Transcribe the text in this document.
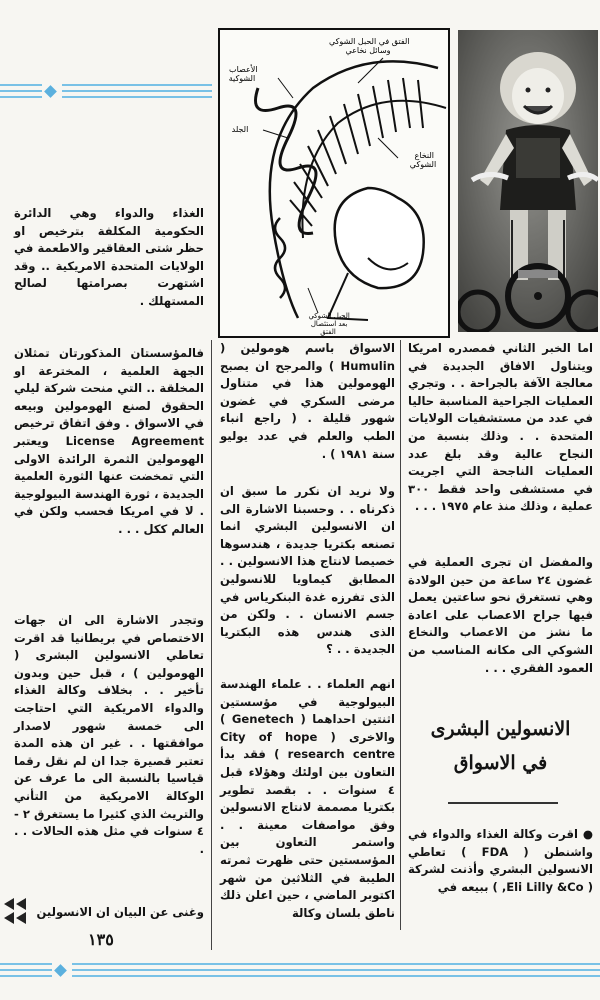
الفتق في الحبل الشوكي وسائل نخاعي
الأعصاب الشوكية
الجلد
النخاع الشوكي
الحبل الشوكي بعد استئصال الفتق
الغذاء والدواء وهي الدائرة الحكومية المكلفة بترخيص او حظر شتى العقاقير والاطعمة في الولايات المتحدة الامريكية .. وقد اشتهرت بصرامتها لصالح المستهلك .
فالمؤسستان المذكورتان تمثلان الجهة العلمية ، المخترعة او المخلقة .. التي منحت شركة ليلي الحقوق لصنع الهومولين وبيعه في الاسواق . وفق اتفاق ترخيص License Agreement ويعتبر الهومولين الثمرة الرائدة الاولى التي تمخضت عنها الثورة العلمية الجديدة ، ثورة الهندسة البيولوجية . لا في امريكا فحسب ولكن في العالم ككل . . .
وتجدر الاشارة الى ان جهات الاختصاص في بريطانيا قد اقرت تعاطي الانسولين البشرى ( الهومولين ) ، قبل حين وبدون تأخير . . بخلاف وكالة الغذاء والدواء الامريكية التي احتاجت الى خمسة شهور لاصدار موافقتها . . غير ان هذه المدة تعتبر قصيرة جدا ان لم نقل رقما قياسيا بالنسبة الى ما عرف عن الوكالة الامريكية من التأني والتريث الذي كثيرا ما يستغرق ٢ - ٤ سنوات في مثل هذه الحالات . . .
وغنى عن البيان ان الانسولين
الاسواق باسم هومولين ( Humulin ) والمرجح ان يصبح الهومولين هذا في متناول مرضى السكري في غضون شهور قليلة . ( راجع انباء الطب والعلم في عدد يوليو سنة ١٩٨١ ) .
ولا نريد ان نكرر ما سبق ان ذكرناه . . وحسبنا الاشارة الى ان الانسولين البشري انما تصنعه بكتريا جديدة ، هندسوها خصيصا لانتاج هذا الانسولين . . المطابق كيماويا للانسولين الذى تفرزه غدة البنكرياس في جسم الانسان . . ولكن من الذى هندس هذه البكتريا الجديدة . . ؟
انهم العلماء . . علماء الهندسة البيولوجية في مؤسستين اثنتين احداهما ( Genetech ) والاخرى ( City of hope research centre ) فقد بدأ التعاون بين اولئك وهؤلاء قبل ٤ سنوات . . بقصد تطوير بكتريا مصممة لانتاج الانسولين وفق مواصفات معينة . . واستمر التعاون بين المؤسستين حتى ظهرت ثمرته الطيبة في الثلاثين من شهر اكتوبر الماضي ، حين اعلن ذلك ناطق بلسان وكالة
اما الخبر الثاني فمصدره امريكا ويتناول الافاق الجديدة في معالجة الآفة بالجراحة . . وتجري العمليات الجراحية المناسبة حاليا في عدد من مستشفيات الولايات المتحدة . . وذلك بنسبة من النجاح عالية وقد بلغ عدد العمليات الناجحة التي اجريت في مستشفى واحد فقط ٣٠٠ عملية ، وذلك منذ عام ١٩٧٥ . . .
والمفضل ان تجرى العملية في غضون ٢٤ ساعة من حين الولادة وهي تستغرق نحو ساعتين يعمل فيها جراح الاعصاب على اعادة ما نشز من الاعصاب والنخاع الشوكي الى مكانه المناسب من العمود الفقري . . .
الانسولين البشرى
في الاسواق
● اقرت وكالة الغذاء والدواء في واشنطن ( FDA ) تعاطي الانسولين البشري وأذنت لشركة ( Eli Lilly &Co, ) ببيعه في
١٣٥
